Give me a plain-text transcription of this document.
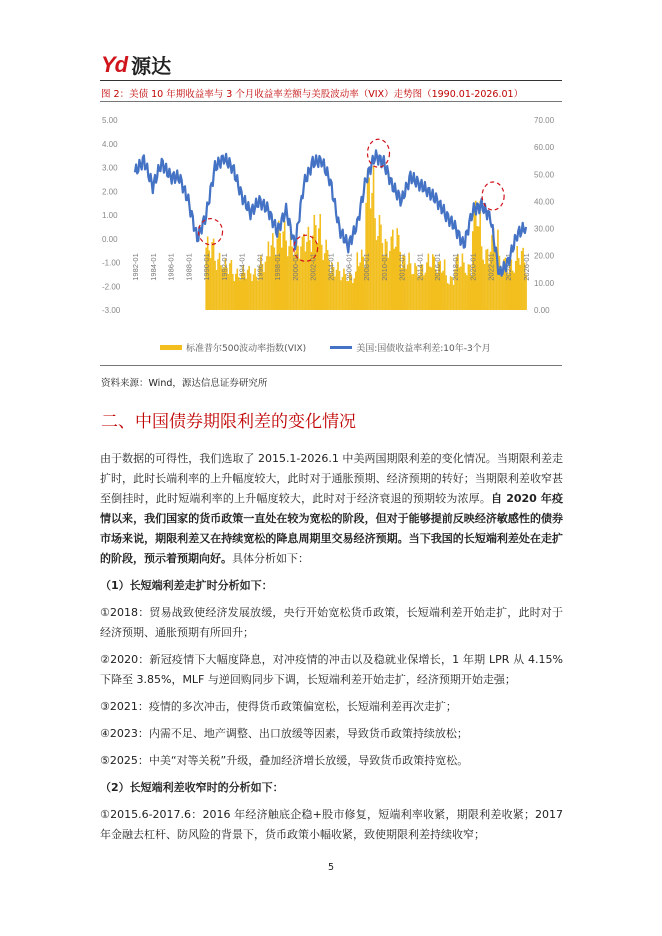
Yd 源达
图 2：美债 10 年期收益率与 3 个月收益率差额与美股波动率（VIX）走势图（1990.01-2026.01）
5.00
4.00
3.00
2.00
1.00
0.00
-1.00
-2.00
-3.00
70.00
60.00
50.00
40.00
30.00
20.00
10.00
0.00
1982-01 1984-01 1986-01 1988-01 1990-01 1992-01 1994-01 1996-01 1998-01 2000-01 2002-01 2004-01 2006-01 2008-01 2010-01 2012-01 2014-01 2016-01 2018-01 2020-01 2022-01 2024-01 2026-01
标准普尔500波动率指数(VIX)	美国:国债收益率利差:10年-3个月
资料来源：Wind，源达信息证券研究所
二、中国债券期限利差的变化情况

由于数据的可得性，我们选取了 2015.1-2026.1 中美两国期限利差的变化情况。当期限利差走扩时，此时长端利率的上升幅度较大，此时对于通胀预期、经济预期的转好；当期限利差收窄甚至倒挂时，此时短端利率的上升幅度较大，此时对于经济衰退的预期较为浓厚。自 2020 年疫情以来，我们国家的货币政策一直处在较为宽松的阶段，但对于能够提前反映经济敏感性的债券市场来说，期限利差又在持续宽松的降息周期里交易经济预期。当下我国的长短端利差处在走扩的阶段，预示着预期向好。具体分析如下：

（1）长短端利差走扩时分析如下：

①2018：贸易战致使经济发展放缓，央行开始宽松货币政策，长短端利差开始走扩，此时对于经济预期、通胀预期有所回升；

②2020：新冠疫情下大幅度降息，对冲疫情的冲击以及稳就业保增长，1 年期 LPR 从 4.15%下降至 3.85%，MLF 与逆回购同步下调，长短端利差开始走扩，经济预期开始走强；

③2021：疫情的多次冲击，使得货币政策偏宽松，长短端利差再次走扩；

④2023：内需不足、地产调整、出口放缓等因素，导致货币政策持续放松；

⑤2025：中美“对等关税”升级，叠加经济增长放缓，导致货币政策持宽松。

（2）长短端利差收窄时的分析如下：

①2015.6-2017.6：2016 年经济触底企稳+股市修复，短端利率收紧，期限利差收紧；2017 年金融去杠杆、防风险的背景下，货币政策小幅收紧，致使期限利差持续收窄；

5
